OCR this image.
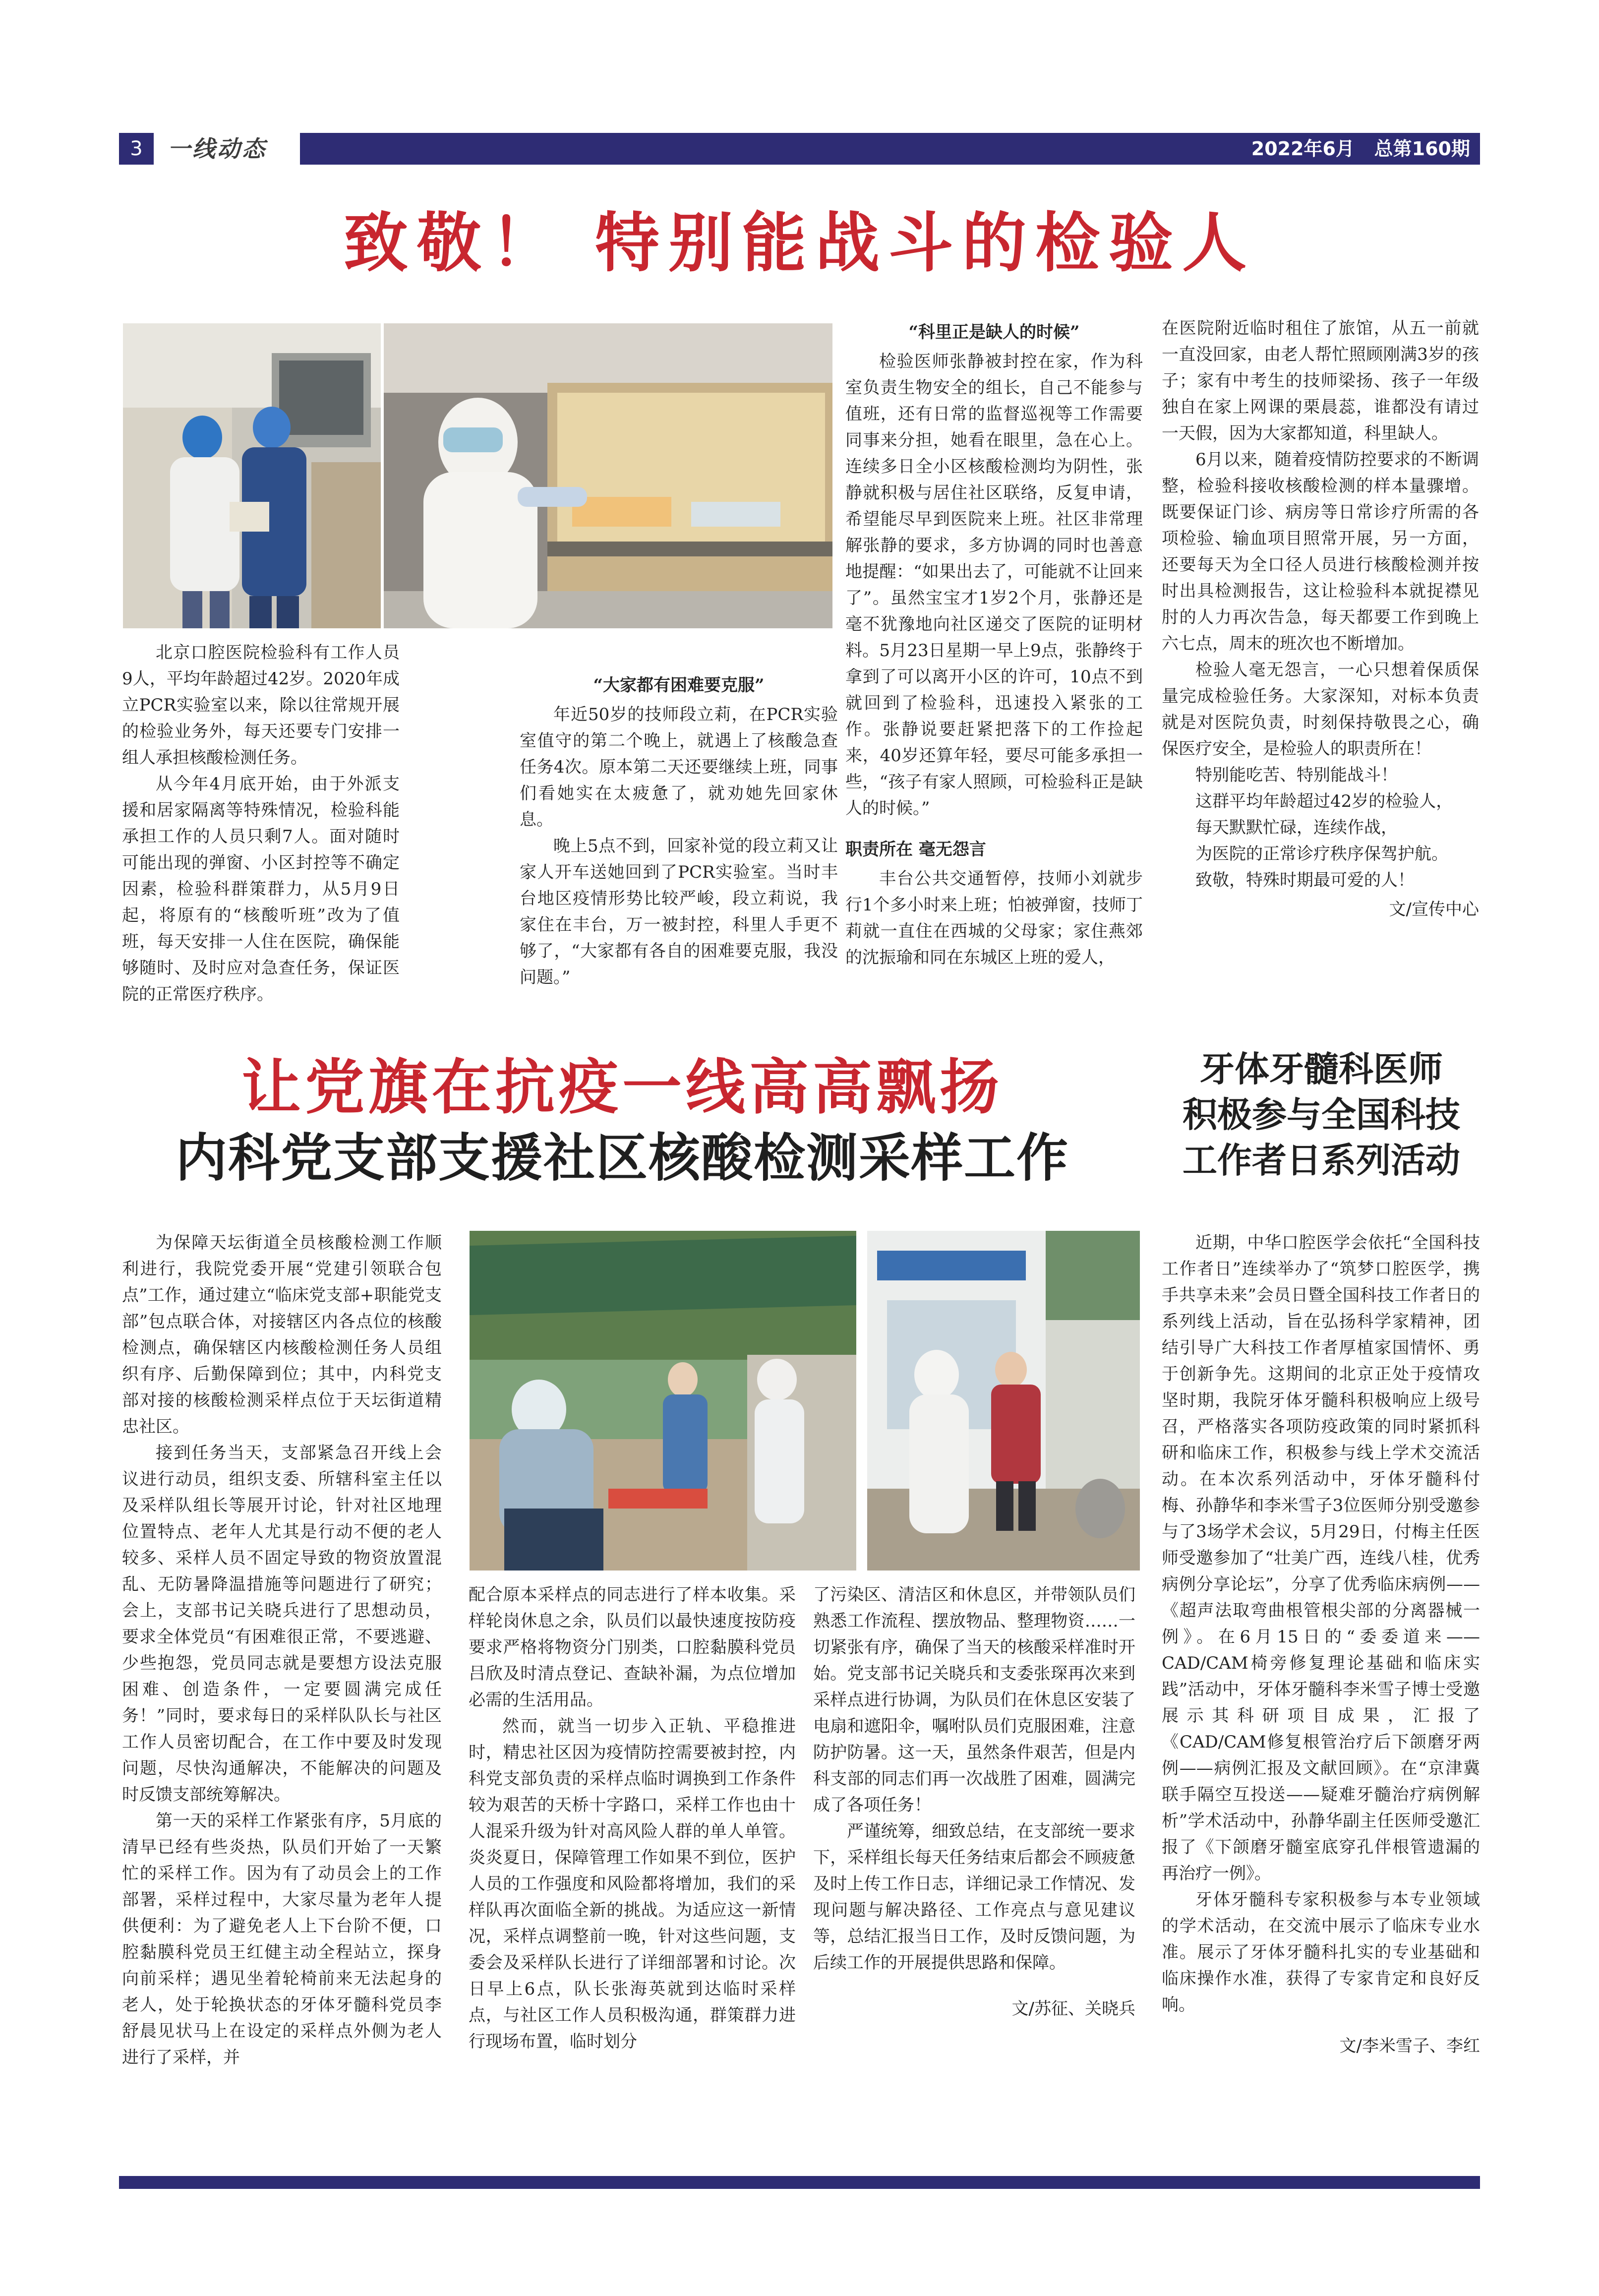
3	一线动态	2022年6月 总第160期
致敬！ 特别能战斗的检验人

北京口腔医院检验科有工作人员9人，平均年龄超过42岁。2020年成立PCR实验室以来，除以往常规开展的检验业务外，每天还要专门安排一组人承担核酸检测任务。

从今年4月底开始，由于外派支援和居家隔离等特殊情况，检验科能承担工作的人员只剩7人。面对随时可能出现的弹窗、小区封控等不确定因素，检验科群策群力，从5月9日起，将原有的“核酸听班”改为了值班，每天安排一人住在医院，确保能够随时、及时应对急查任务，保证医院的正常医疗秩序。

“大家都有困难要克服”

年近50岁的技师段立莉，在PCR实验室值守的第二个晚上，就遇上了核酸急查任务4次。原本第二天还要继续上班，同事们看她实在太疲惫了，就劝她先回家休息。

晚上5点不到，回家补觉的段立莉又让家人开车送她回到了PCR实验室。当时丰台地区疫情形势比较严峻，段立莉说，我家住在丰台，万一被封控，科里人手更不够了，“大家都有各自的困难要克服，我没问题。”

“科里正是缺人的时候”

检验医师张静被封控在家，作为科室负责生物安全的组长，自己不能参与值班，还有日常的监督巡视等工作需要同事来分担，她看在眼里，急在心上。连续多日全小区核酸检测均为阴性，张静就积极与居住社区联络，反复申请，希望能尽早到医院来上班。社区非常理解张静的要求，多方协调的同时也善意地提醒：“如果出去了，可能就不让回来了”。虽然宝宝才1岁2个月，张静还是毫不犹豫地向社区递交了医院的证明材料。5月23日星期一早上9点，张静终于拿到了可以离开小区的许可，10点不到就回到了检验科，迅速投入紧张的工作。张静说要赶紧把落下的工作捡起来，40岁还算年轻，要尽可能多承担一些，“孩子有家人照顾，可检验科正是缺人的时候。”

职责所在 毫无怨言

丰台公共交通暂停，技师小刘就步行1个多小时来上班；怕被弹窗，技师丁莉就一直住在西城的父母家；家住燕郊的沈振瑜和同在东城区上班的爱人，

在医院附近临时租住了旅馆，从五一前就一直没回家，由老人帮忙照顾刚满3岁的孩子；家有中考生的技师梁扬、孩子一年级独自在家上网课的栗晨蕊，谁都没有请过一天假，因为大家都知道，科里缺人。

6月以来，随着疫情防控要求的不断调整，检验科接收核酸检测的样本量骤增。既要保证门诊、病房等日常诊疗所需的各项检验、输血项目照常开展，另一方面，还要每天为全口径人员进行核酸检测并按时出具检测报告，这让检验科本就捉襟见肘的人力再次告急，每天都要工作到晚上六七点，周末的班次也不断增加。

检验人毫无怨言，一心只想着保质保量完成检验任务。大家深知，对标本负责就是对医院负责，时刻保持敬畏之心，确保医疗安全，是检验人的职责所在！

特别能吃苦、特别能战斗！

这群平均年龄超过42岁的检验人，

每天默默忙碌，连续作战，

为医院的正常诊疗秩序保驾护航。

致敬，特殊时期最可爱的人！

文/宣传中心

让党旗在抗疫一线高高飘扬
内科党支部支援社区核酸检测采样工作

为保障天坛街道全员核酸检测工作顺利进行，我院党委开展“党建引领联合包点”工作，通过建立“临床党支部+职能党支部”包点联合体，对接辖区内各点位的核酸检测点，确保辖区内核酸检测任务人员组织有序、后勤保障到位；其中，内科党支部对接的核酸检测采样点位于天坛街道精忠社区。

接到任务当天，支部紧急召开线上会议进行动员，组织支委、所辖科室主任以及采样队组长等展开讨论，针对社区地理位置特点、老年人尤其是行动不便的老人较多、采样人员不固定导致的物资放置混乱、无防暑降温措施等问题进行了研究；会上，支部书记关晓兵进行了思想动员，要求全体党员“有困难很正常，不要逃避、少些抱怨，党员同志就是要想方设法克服困难、创造条件，一定要圆满完成任务！”同时，要求每日的采样队队长与社区工作人员密切配合，在工作中要及时发现问题，尽快沟通解决，不能解决的问题及时反馈支部统筹解决。

第一天的采样工作紧张有序，5月底的清早已经有些炎热，队员们开始了一天繁忙的采样工作。因为有了动员会上的工作部署，采样过程中，大家尽量为老年人提供便利：为了避免老人上下台阶不便，口腔黏膜科党员王红健主动全程站立，探身向前采样；遇见坐着轮椅前来无法起身的老人，处于轮换状态的牙体牙髓科党员李舒晨见状马上在设定的采样点外侧为老人进行了采样，并

配合原本采样点的同志进行了样本收集。采样轮岗休息之余，队员们以最快速度按防疫要求严格将物资分门别类，口腔黏膜科党员吕欣及时清点登记、查缺补漏，为点位增加必需的生活用品。

然而，就当一切步入正轨、平稳推进时，精忠社区因为疫情防控需要被封控，内科党支部负责的采样点临时调换到工作条件较为艰苦的天桥十字路口，采样工作也由十人混采升级为针对高风险人群的单人单管。炎炎夏日，保障管理工作如果不到位，医护人员的工作强度和风险都将增加，我们的采样队再次面临全新的挑战。为适应这一新情况，采样点调整前一晚，针对这些问题，支委会及采样队长进行了详细部署和讨论。次日早上6点，队长张海英就到达临时采样点，与社区工作人员积极沟通，群策群力进行现场布置，临时划分

了污染区、清洁区和休息区，并带领队员们熟悉工作流程、摆放物品、整理物资……一切紧张有序，确保了当天的核酸采样准时开始。党支部书记关晓兵和支委张琛再次来到采样点进行协调，为队员们在休息区安装了电扇和遮阳伞，嘱咐队员们克服困难，注意防护防暑。这一天，虽然条件艰苦，但是内科支部的同志们再一次战胜了困难，圆满完成了各项任务！

严谨统筹，细致总结，在支部统一要求下，采样组长每天任务结束后都会不顾疲惫及时上传工作日志，详细记录工作情况、发现问题与解决路径、工作亮点与意见建议等，总结汇报当日工作，及时反馈问题，为后续工作的开展提供思路和保障。

文/苏征、关晓兵

牙体牙髓科医师
积极参与全国科技
工作者日系列活动

近期，中华口腔医学会依托“全国科技工作者日”连续举办了“筑梦口腔医学，携手共享未来”会员日暨全国科技工作者日的系列线上活动，旨在弘扬科学家精神，团结引导广大科技工作者厚植家国情怀、勇于创新争先。这期间的北京正处于疫情攻坚时期，我院牙体牙髓科积极响应上级号召，严格落实各项防疫政策的同时紧抓科研和临床工作，积极参与线上学术交流活动。在本次系列活动中，牙体牙髓科付梅、孙静华和李米雪子3位医师分别受邀参与了3场学术会议，5月29日，付梅主任医师受邀参加了“壮美广西，连线八桂，优秀病例分享论坛”，分享了优秀临床病例——《超声法取弯曲根管根尖部的分离器械一例》。在6月15日的“委委道来——CAD/CAM椅旁修复理论基础和临床实践”活动中，牙体牙髓科李米雪子博士受邀展示其科研项目成果，汇报了《CAD/CAM修复根管治疗后下颌磨牙两例——病例汇报及文献回顾》。在“京津冀联手隔空互投送——疑难牙髓治疗病例解析”学术活动中，孙静华副主任医师受邀汇报了《下颌磨牙髓室底穿孔伴根管遗漏的再治疗一例》。

牙体牙髓科专家积极参与本专业领域的学术活动，在交流中展示了临床专业水准。展示了牙体牙髓科扎实的专业基础和临床操作水准，获得了专家肯定和良好反响。

文/李米雪子、李红
